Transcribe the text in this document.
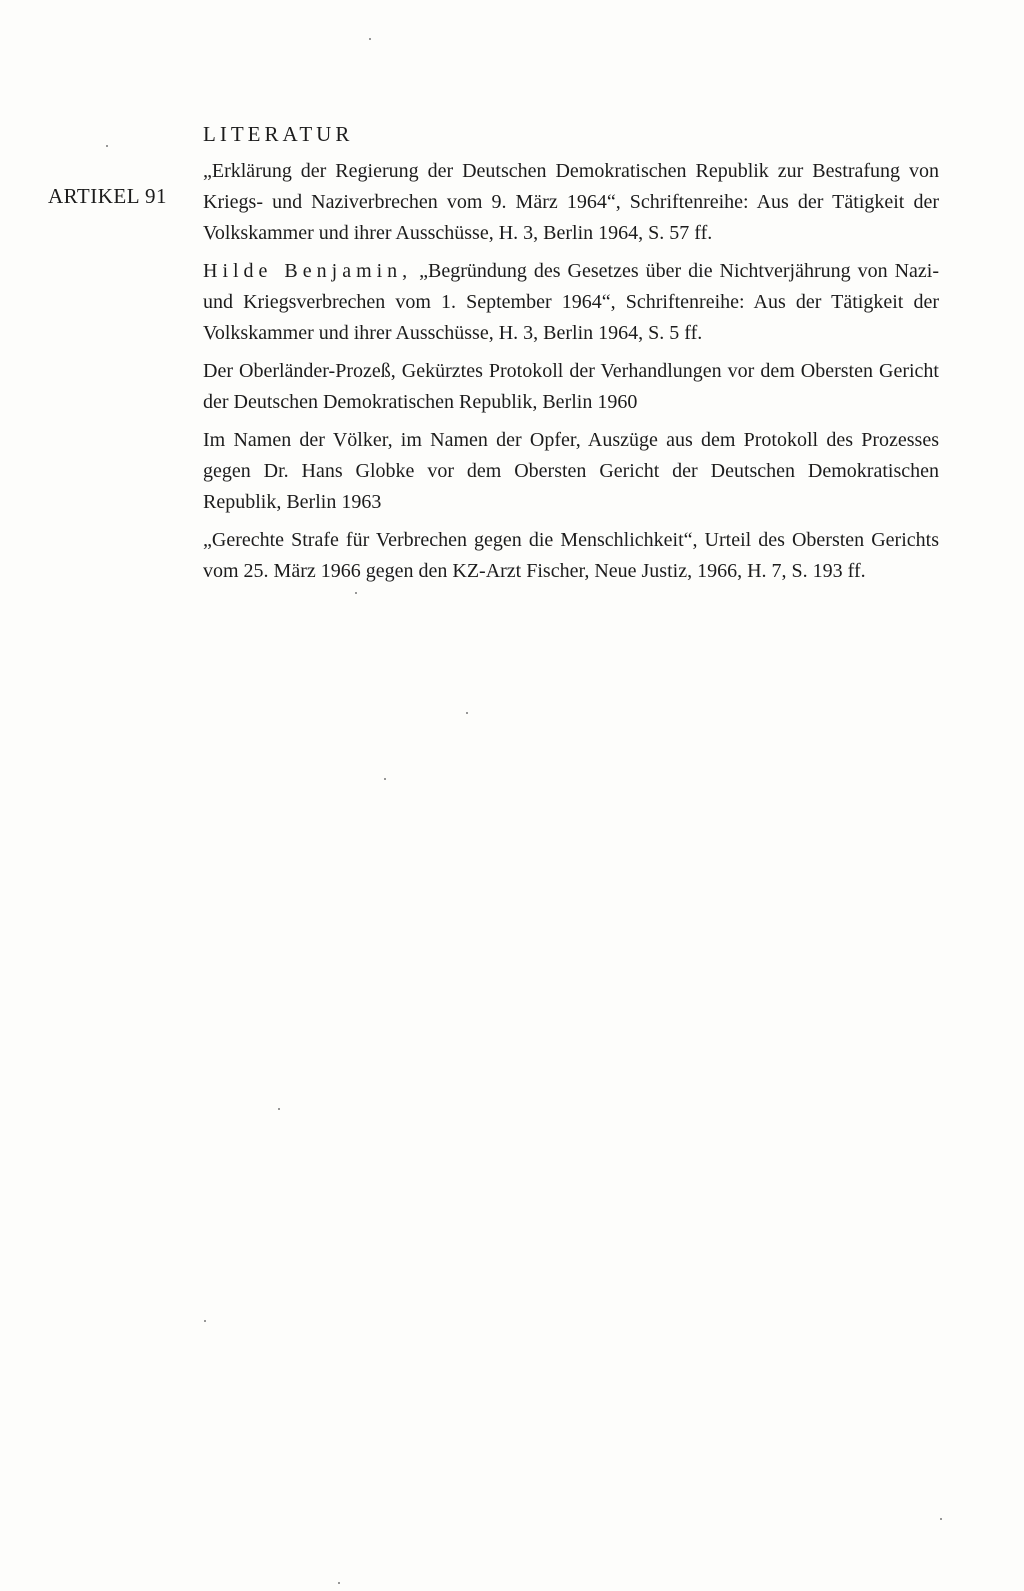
ARTIKEL 91
LITERATUR

„Erklärung der Regierung der Deutschen Demokratischen Republik zur Bestrafung von Kriegs- und Naziverbrechen vom 9. März 1964“, Schriftenreihe: Aus der Tätigkeit der Volkskammer und ihrer Ausschüsse, H. 3, Berlin 1964, S. 57 ff.

Hilde Benjamin, „Begründung des Gesetzes über die Nichtverjährung von Nazi- und Kriegsverbrechen vom 1. September 1964“, Schriftenreihe: Aus der Tätigkeit der Volkskammer und ihrer Ausschüsse, H. 3, Berlin 1964, S. 5 ff.

Der Oberländer-Prozeß, Gekürztes Protokoll der Verhandlungen vor dem Obersten Gericht der Deutschen Demokratischen Republik, Berlin 1960

Im Namen der Völker, im Namen der Opfer, Auszüge aus dem Protokoll des Prozesses gegen Dr. Hans Globke vor dem Obersten Gericht der Deutschen Demokratischen Republik, Berlin 1963

„Gerechte Strafe für Verbrechen gegen die Menschlichkeit“, Urteil des Obersten Gerichts vom 25. März 1966 gegen den KZ-Arzt Fischer, Neue Justiz, 1966, H. 7, S. 193 ff.
